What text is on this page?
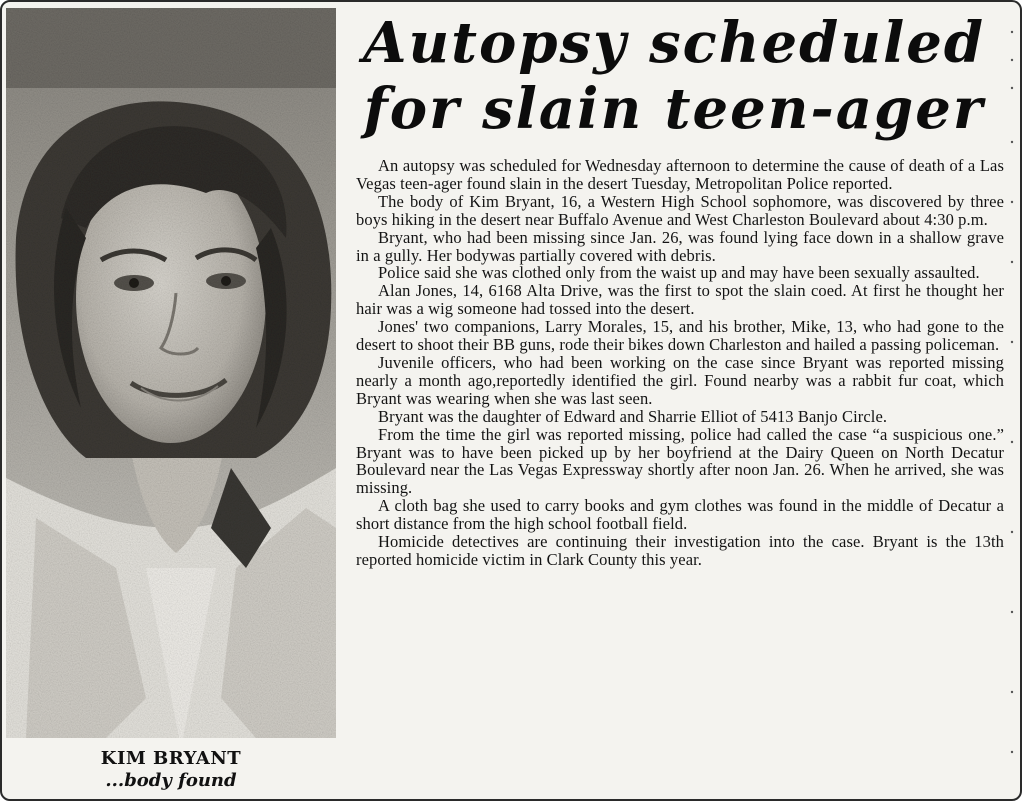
KIM BRYANT
...body found
Autopsy scheduled
for slain teen-ager

An autopsy was scheduled for Wednesday afternoon to determine the cause of death of a Las Vegas teen-ager found slain in the desert Tuesday, Metropolitan Police reported.

The body of Kim Bryant, 16, a Western High School sophomore, was discovered by three boys hiking in the desert near Buffalo Avenue and West Charleston Boulevard about 4:30 p.m.

Bryant, who had been missing since Jan. 26, was found lying face down in a shallow grave in a gully. Her bodywas partially covered with debris.

Police said she was clothed only from the waist up and may have been sexually assaulted.

Alan Jones, 14, 6168 Alta Drive, was the first to spot the slain coed. At first he thought her hair was a wig someone had tossed into the desert.

Jones' two companions, Larry Morales, 15, and his brother, Mike, 13, who had gone to the desert to shoot their BB guns, rode their bikes down Charleston and hailed a passing policeman.

Juvenile officers, who had been working on the case since Bryant was reported missing nearly a month ago,reportedly identified the girl. Found nearby was a rabbit fur coat, which Bryant was wearing when she was last seen.

Bryant was the daughter of Edward and Sharrie Elliot of 5413 Banjo Circle.

From the time the girl was reported missing, police had called the case “a suspicious one.” Bryant was to have been picked up by her boyfriend at the Dairy Queen on North Decatur Boulevard near the Las Vegas Expressway shortly after noon Jan. 26. When he arrived, she was missing.

A cloth bag she used to carry books and gym clothes was found in the middle of Decatur a short distance from the high school football field.

Homicide detectives are continuing their investigation into the case. Bryant is the 13th reported homicide victim in Clark County this year.
